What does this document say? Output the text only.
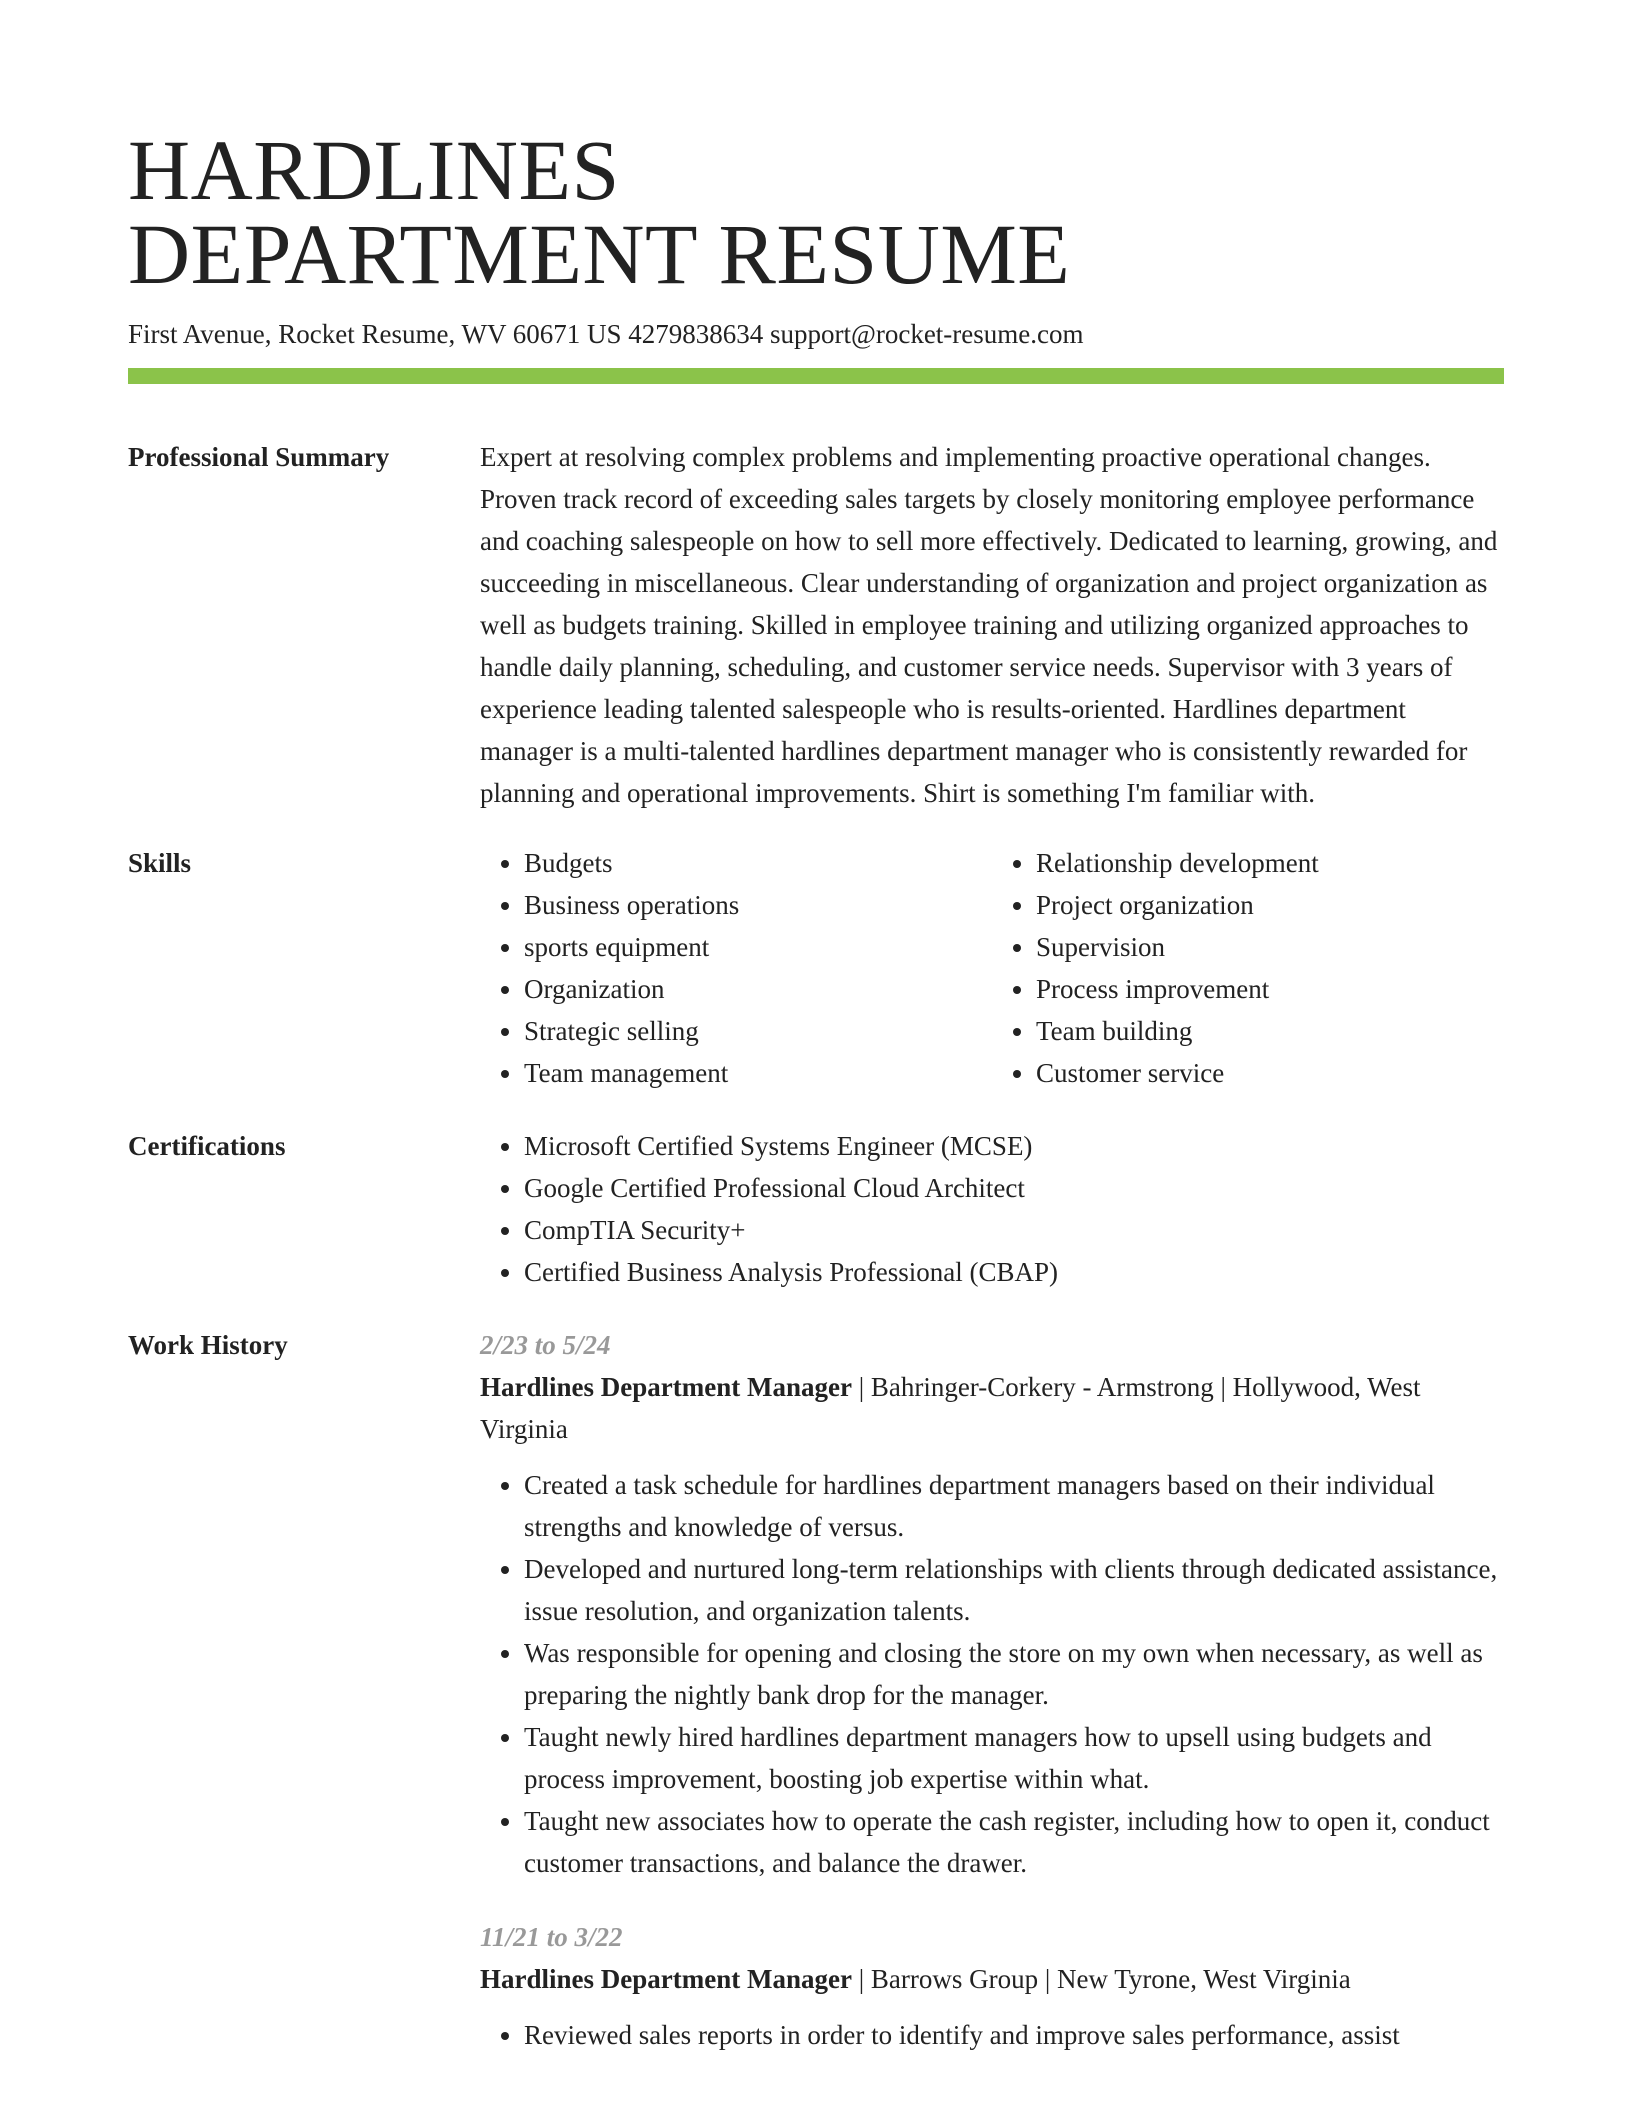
HARDLINES
DEPARTMENT RESUME
First Avenue, Rocket Resume, WV 60671 US 4279838634 support@rocket-resume.com
Professional Summary	Expert at resolving complex problems and implementing proactive operational changes. Proven track record of exceeding sales targets by closely monitoring employee performance and coaching salespeople on how to sell more effectively. Dedicated to learning, growing, and succeeding in miscellaneous. Clear understanding of organization and project organization as well as budgets training. Skilled in employee training and utilizing organized approaches to handle daily planning, scheduling, and customer service needs. Supervisor with 3 years of experience leading talented salespeople who is results-oriented. Hardlines department manager is a multi-talented hardlines department manager who is consistently rewarded for planning and operational improvements. Shirt is something I'm familiar with.

Skills	• Budgets
• Business operations
• sports equipment
• Organization
• Strategic selling
• Team management
• Relationship development
• Project organization
• Supervision
• Process improvement
• Team building
• Customer service
Certifications	• Microsoft Certified Systems Engineer (MCSE)
• Google Certified Professional Cloud Architect
• CompTIA Security+
• Certified Business Analysis Professional (CBAP)
Work History	2/23 to 5/24
Hardlines Department Manager | Bahringer-Corkery - Armstrong | Hollywood, West Virginia
• Created a task schedule for hardlines department managers based on their individual strengths and knowledge of versus.
• Developed and nurtured long-term relationships with clients through dedicated assistance, issue resolution, and organization talents.
• Was responsible for opening and closing the store on my own when necessary, as well as preparing the nightly bank drop for the manager.
• Taught newly hired hardlines department managers how to upsell using budgets and process improvement, boosting job expertise within what.
• Taught new associates how to operate the cash register, including how to open it, conduct customer transactions, and balance the drawer.
11/21 to 3/22
Hardlines Department Manager | Barrows Group | New Tyrone, West Virginia
• Reviewed sales reports in order to identify and improve sales performance, assist
